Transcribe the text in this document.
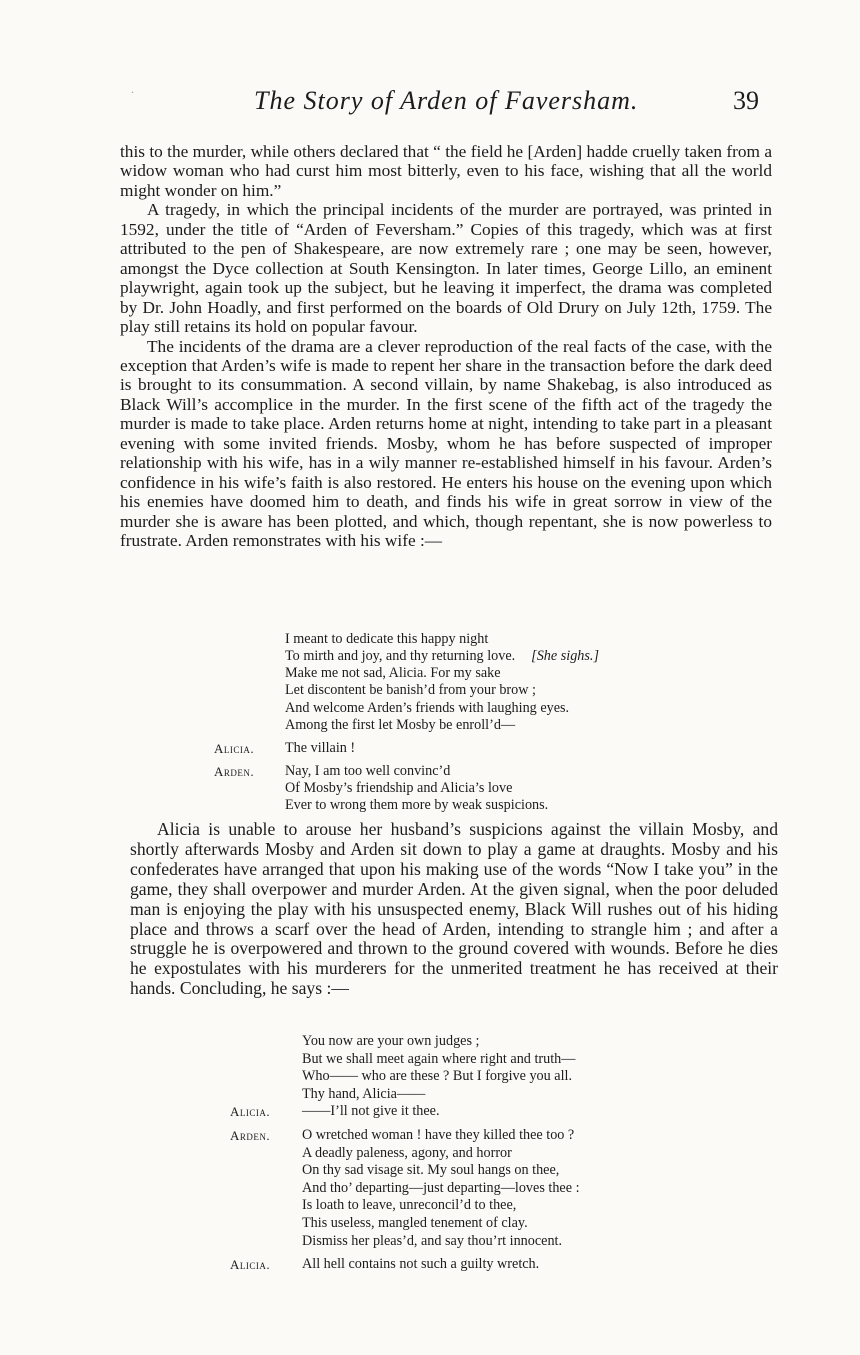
The Story of Arden of Faversham.	39
·

this to the murder, while others declared that “ the field he [Arden] hadde cruelly taken from a widow woman who had curst him most bitterly, even to his face, wishing that all the world might wonder on him.”

A tragedy, in which the principal incidents of the murder are portrayed, was printed in 1592, under the title of “Arden of Feversham.” Copies of this tragedy, which was at first attributed to the pen of Shakespeare, are now extremely rare ; one may be seen, however, amongst the Dyce collection at South Kensington. In later times, George Lillo, an eminent playwright, again took up the subject, but he leaving it imperfect, the drama was completed by Dr. John Hoadly, and first performed on the boards of Old Drury on July 12th, 1759. The play still retains its hold on popular favour.

The incidents of the drama are a clever reproduction of the real facts of the case, with the exception that Arden’s wife is made to repent her share in the transaction before the dark deed is brought to its consummation. A second villain, by name Shakebag, is also introduced as Black Will’s accomplice in the murder. In the first scene of the fifth act of the tragedy the murder is made to take place. Arden returns home at night, intending to take part in a pleasant evening with some invited friends. Mosby, whom he has before suspected of improper relationship with his wife, has in a wily manner re-established himself in his favour. Arden’s confidence in his wife’s faith is also restored. He enters his house on the evening upon which his enemies have doomed him to death, and finds his wife in great sorrow in view of the murder she is aware has been plotted, and which, though repentant, she is now powerless to frustrate. Arden remonstrates with his wife :—

I meant to dedicate this happy night
To mirth and joy, and thy returning love. [She sighs.]
Make me not sad, Alicia. For my sake
Let discontent be banish’d from your brow ;
And welcome Arden’s friends with laughing eyes.
Among the first let Mosby be enroll’d—
Alicia.	The villain !
Arden.	Nay, I am too well convinc’d
Of Mosby’s friendship and Alicia’s love
Ever to wrong them more by weak suspicions.

Alicia is unable to arouse her husband’s suspicions against the villain Mosby, and shortly afterwards Mosby and Arden sit down to play a game at draughts. Mosby and his confederates have arranged that upon his making use of the words “Now I take you” in the game, they shall overpower and murder Arden. At the given signal, when the poor deluded man is enjoying the play with his unsuspected enemy, Black Will rushes out of his hiding place and throws a scarf over the head of Arden, intending to strangle him ; and after a struggle he is overpowered and thrown to the ground covered with wounds. Before he dies he expostulates with his murderers for the unmerited treatment he has received at their hands. Concluding, he says :—

You now are your own judges ;
But we shall meet again where right and truth—
Who—— who are these ? But I forgive you all.
Thy hand, Alicia——
Alicia.	——I’ll not give it thee.
Arden.	O wretched woman ! have they killed thee too ?
A deadly paleness, agony, and horror
On thy sad visage sit. My soul hangs on thee,
And tho’ departing—just departing—loves thee :
Is loath to leave, unreconcil’d to thee,
This useless, mangled tenement of clay.
Dismiss her pleas’d, and say thou’rt innocent.
Alicia.	All hell contains not such a guilty wretch.
